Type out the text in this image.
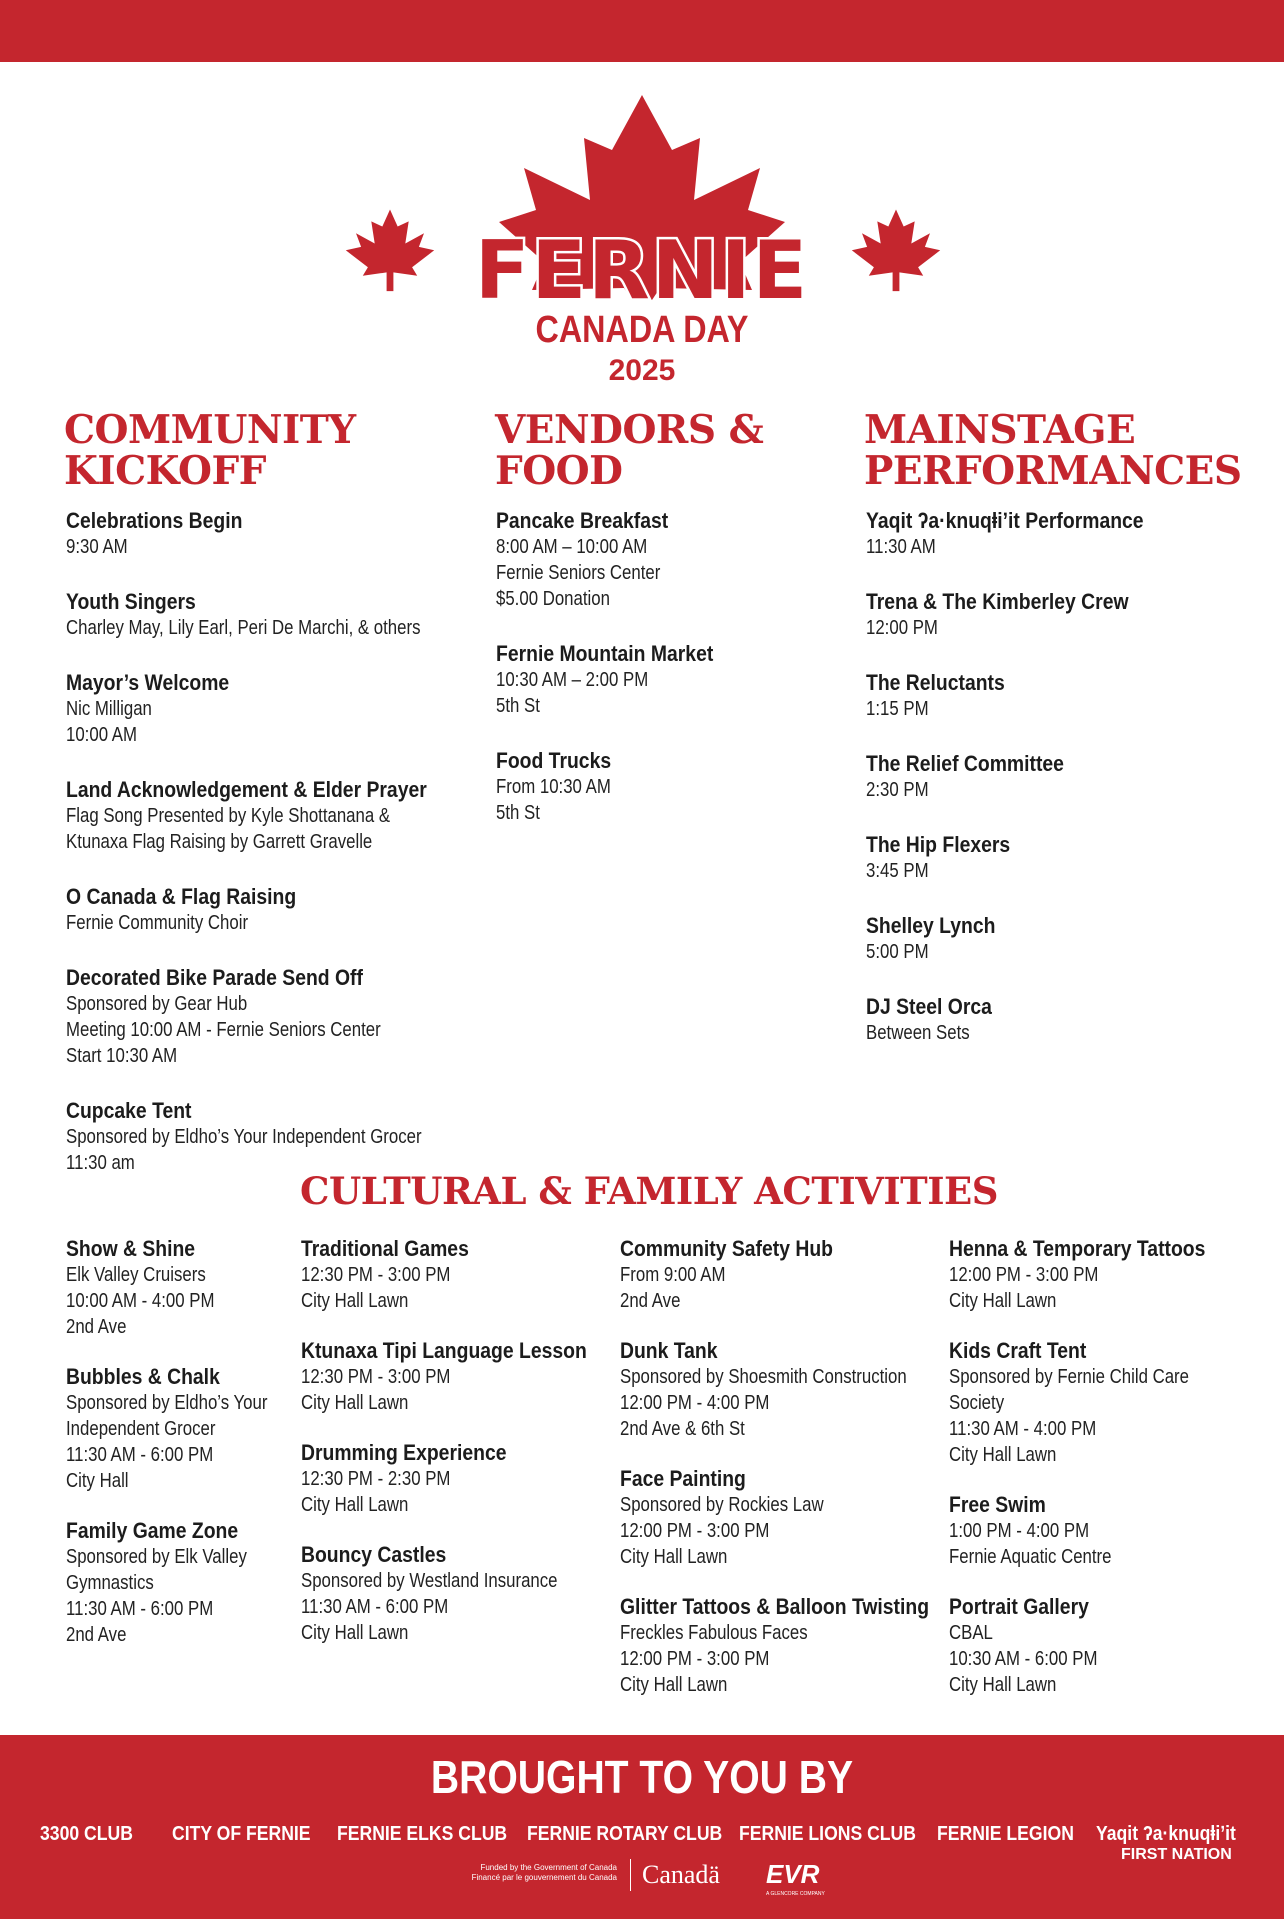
FERNIE
CANADA DAY
2025
COMMUNITY
KICKOFF
Celebrations Begin
9:30 AM
Youth Singers
Charley May, Lily Earl, Peri De Marchi, & others
Mayor’s Welcome
Nic Milligan
10:00 AM
Land Acknowledgement & Elder Prayer
Flag Song Presented by Kyle Shottanana &
Ktunaxa Flag Raising by Garrett Gravelle
O Canada & Flag Raising
Fernie Community Choir
Decorated Bike Parade Send Off
Sponsored by Gear Hub
Meeting 10:00 AM - Fernie Seniors Center
Start 10:30 AM
Cupcake Tent
Sponsored by Eldho’s Your Independent Grocer
11:30 am
VENDORS &
FOOD
Pancake Breakfast
8:00 AM – 10:00 AM
Fernie Seniors Center
$5.00 Donation
Fernie Mountain Market
10:30 AM – 2:00 PM
5th St
Food Trucks
From 10:30 AM
5th St
MAINSTAGE
PERFORMANCES
Yaqit ʔa·knuqⱡiʼit Performance
11:30 AM
Trena & The Kimberley Crew
12:00 PM
The Reluctants
1:15 PM
The Relief Committee
2:30 PM
The Hip Flexers
3:45 PM
Shelley Lynch
5:00 PM
DJ Steel Orca
Between Sets
CULTURAL & FAMILY ACTIVITIES
Show & Shine
Elk Valley Cruisers
10:00 AM - 4:00 PM
2nd Ave
Bubbles & Chalk
Sponsored by Eldho’s Your
Independent Grocer
11:30 AM - 6:00 PM
City Hall
Family Game Zone
Sponsored by Elk Valley
Gymnastics
11:30 AM - 6:00 PM
2nd Ave
Traditional Games
12:30 PM - 3:00 PM
City Hall Lawn
Ktunaxa Tipi Language Lesson
12:30 PM - 3:00 PM
City Hall Lawn
Drumming Experience
12:30 PM - 2:30 PM
City Hall Lawn
Bouncy Castles
Sponsored by Westland Insurance
11:30 AM - 6:00 PM
City Hall Lawn
Community Safety Hub
From 9:00 AM
2nd Ave
Dunk Tank
Sponsored by Shoesmith Construction
12:00 PM - 4:00 PM
2nd Ave & 6th St
Face Painting
Sponsored by Rockies Law
12:00 PM - 3:00 PM
City Hall Lawn
Glitter Tattoos & Balloon Twisting
Freckles Fabulous Faces
12:00 PM - 3:00 PM
City Hall Lawn
Henna & Temporary Tattoos
12:00 PM - 3:00 PM
City Hall Lawn
Kids Craft Tent
Sponsored by Fernie Child Care
Society
11:30 AM - 4:00 PM
City Hall Lawn
Free Swim
1:00 PM - 4:00 PM
Fernie Aquatic Centre
Portrait Gallery
CBAL
10:30 AM - 6:00 PM
City Hall Lawn
BROUGHT TO YOU BY
3300 CLUB CITY OF FERNIE FERNIE ELKS CLUB FERNIE ROTARY CLUB FERNIE LIONS CLUB FERNIE LEGION Yaqit ʔa·knuqⱡiʼit
FIRST NATION
Funded by the Government of Canada
Financé par le gouvernement du Canada Canadä EVR
A GLENCORE COMPANY
